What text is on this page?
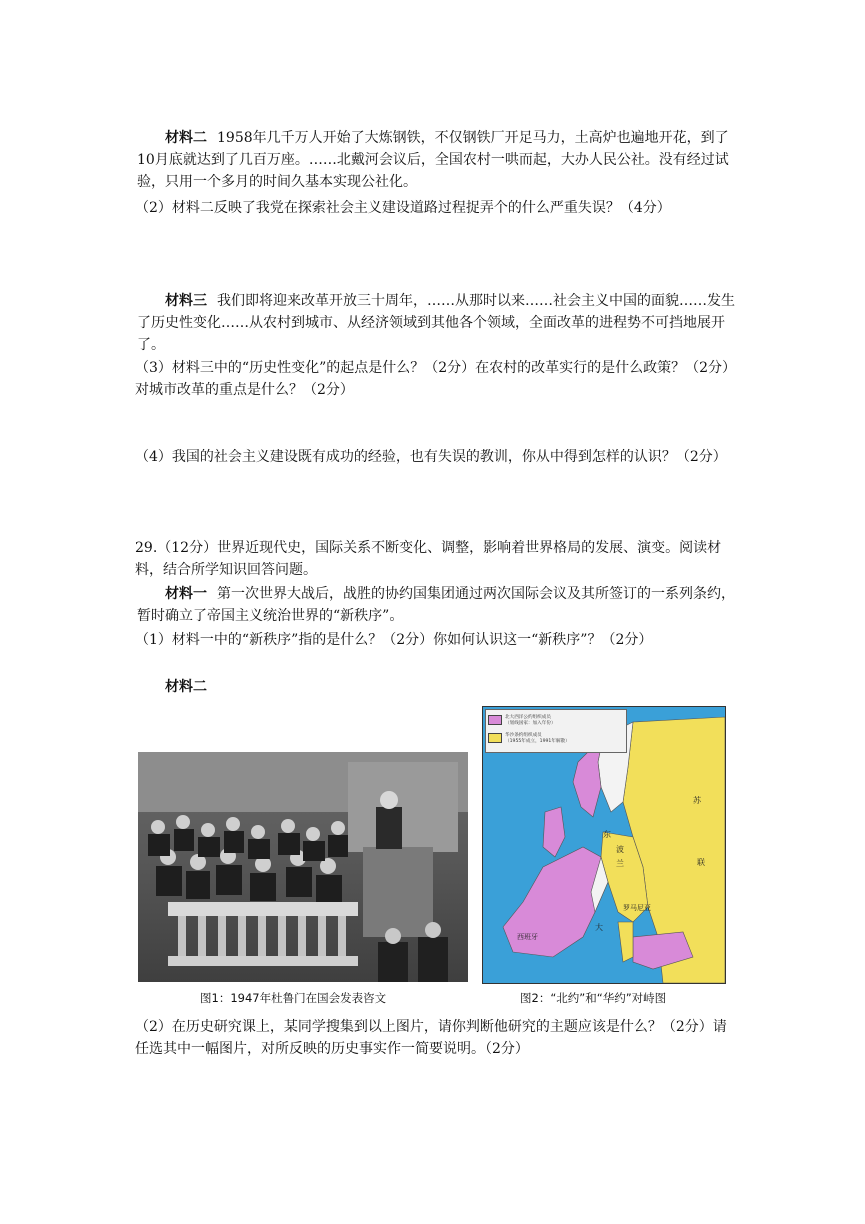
材料二 1958年几千万人开始了大炼钢铁，不仅钢铁厂开足马力，土高炉也遍地开花，到了10月底就达到了几百万座。……北戴河会议后，全国农村一哄而起，大办人民公社。没有经过试验，只用一个多月的时间久基本实现公社化。

（2）材料二反映了我党在探索社会主义建设道路过程捉弄个的什么严重失误？（4分）

材料三 我们即将迎来改革开放三十周年，……从那时以来……社会主义中国的面貌……发生了历史性变化……从农村到城市、从经济领域到其他各个领域，全面改革的进程势不可挡地展开了。

（3）材料三中的“历史性变化”的起点是什么？（2分）在农村的改革实行的是什么政策？（2分）对城市改革的重点是什么？（2分）

（4）我国的社会主义建设既有成功的经验，也有失误的教训，你从中得到怎样的认识？（2分）

29.（12分）世界近现代史，国际关系不断变化、调整，影响着世界格局的发展、演变。阅读材料，结合所学知识回答问题。

材料一 第一次世界大战后，战胜的协约国集团通过两次国际会议及其所签订的一系列条约，暂时确立了帝国主义统治世界的“新秩序”。

（1）材料一中的“新秩序”指的是什么？（2分）你如何认识这一“新秩序”？（2分）

材料二

图1：1947年杜鲁门在国会发表咨文
北大西洋公约组织成员
（划线国家：加入年份）
华沙条约组织成员
（1955年成立，1991年解散）
苏
联
波
兰
罗马尼亚
西班牙
大
东
图2：“北约”和“华约”对峙图

（2）在历史研究课上，某同学搜集到以上图片，请你判断他研究的主题应该是什么？（2分）请任选其中一幅图片，对所反映的历史事实作一简要说明。（2分）
